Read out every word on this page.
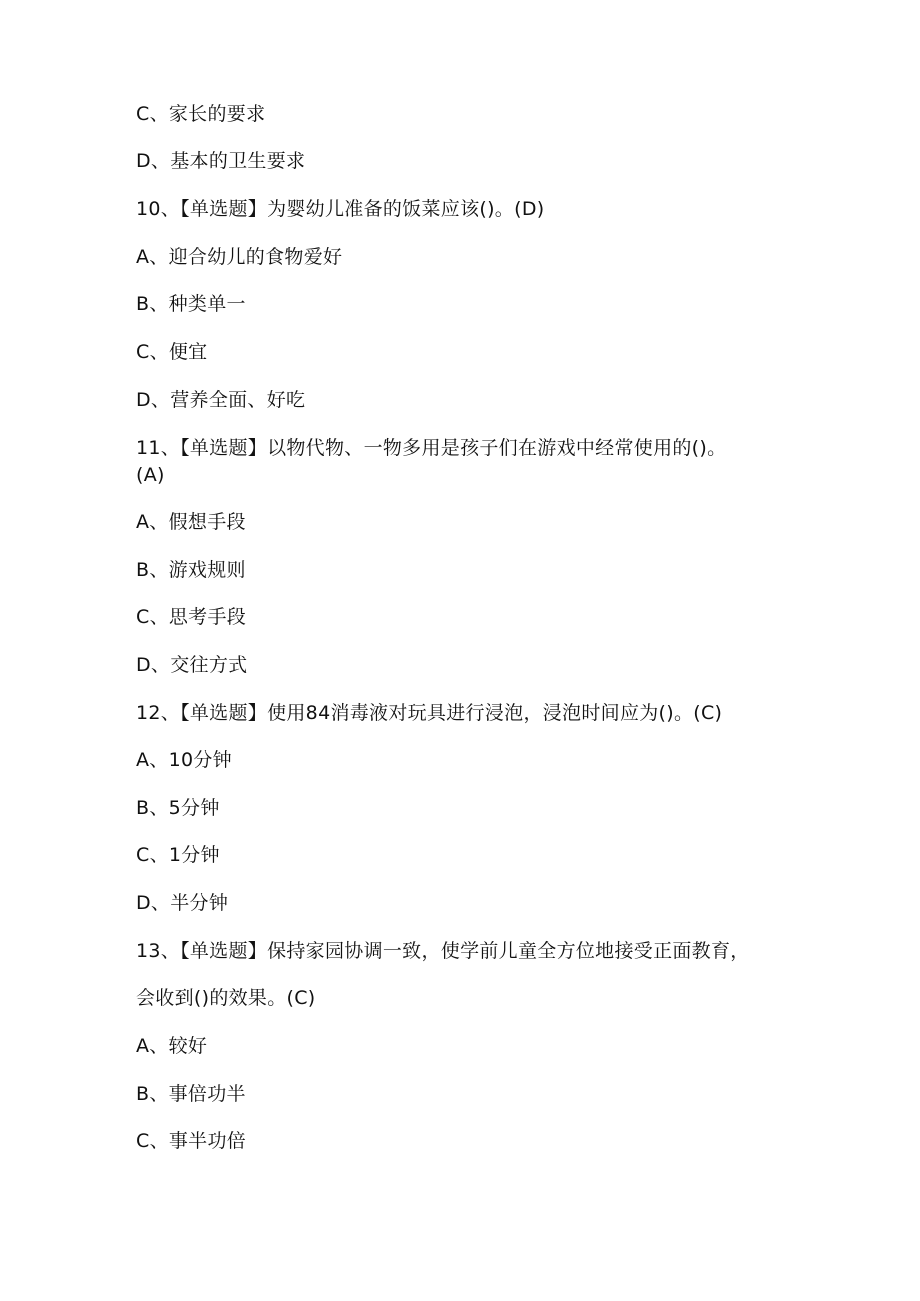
C、家长的要求
D、基本的卫生要求
10、【单选题】为婴幼儿准备的饭菜应该()。(D)
A、迎合幼儿的食物爱好
B、种类单一
C、便宜
D、营养全面、好吃
11、【单选题】以物代物、一物多用是孩子们在游戏中经常使用的()。
(A)
A、假想手段
B、游戏规则
C、思考手段
D、交往方式
12、【单选题】使用84消毒液对玩具进行浸泡，浸泡时间应为()。(C)
A、10分钟
B、5分钟
C、1分钟
D、半分钟
13、【单选题】保持家园协调一致，使学前儿童全方位地接受正面教育，
会收到()的效果。(C)
A、较好
B、事倍功半
C、事半功倍
